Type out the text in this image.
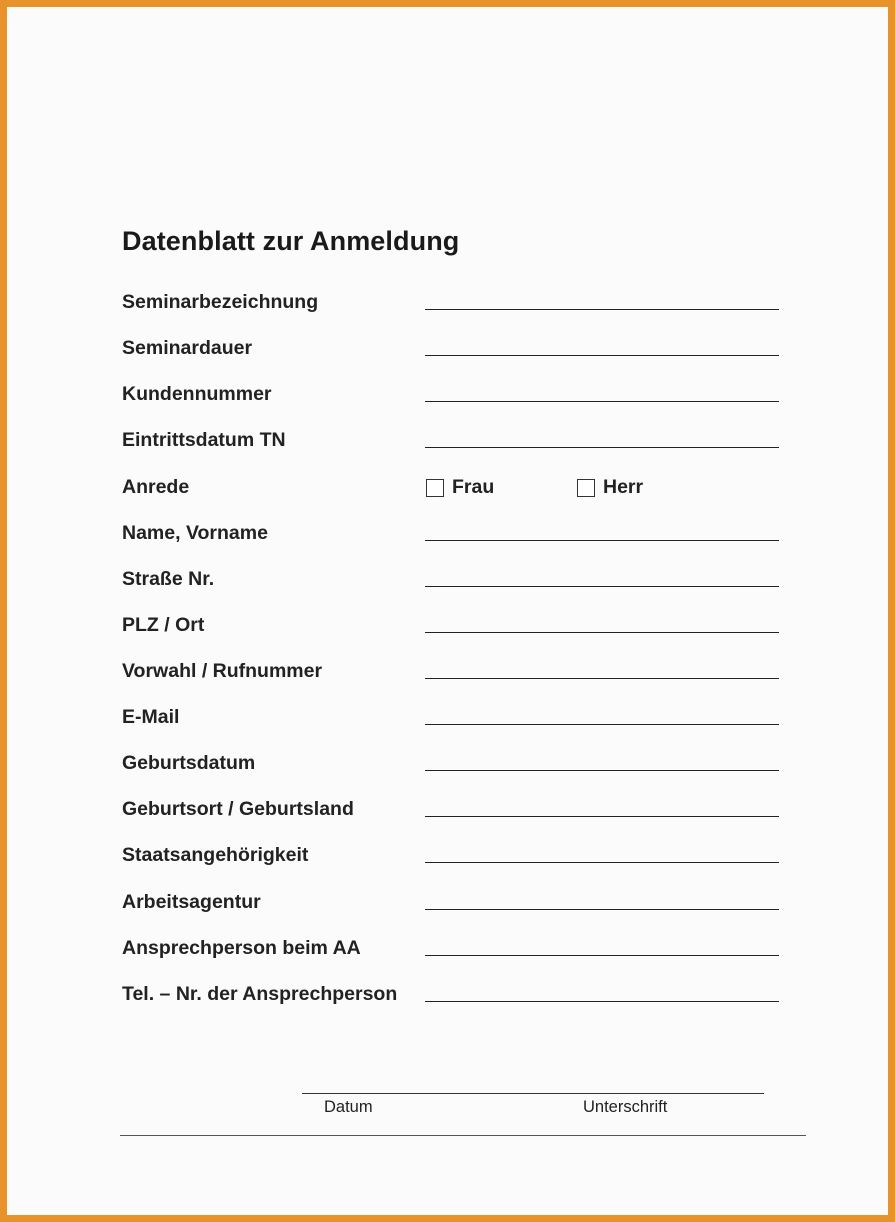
Datenblatt zur Anmeldung
Seminarbezeichnung
Seminardauer
Kundennummer
Eintrittsdatum TN
Anrede	Frau	Herr
Name, Vorname
Straße Nr.
PLZ / Ort
Vorwahl / Rufnummer
E-Mail
Geburtsdatum
Geburtsort / Geburtsland
Staatsangehörigkeit
Arbeitsagentur
Ansprechperson beim AA
Tel. – Nr. der Ansprechperson
Datum	Unterschrift
